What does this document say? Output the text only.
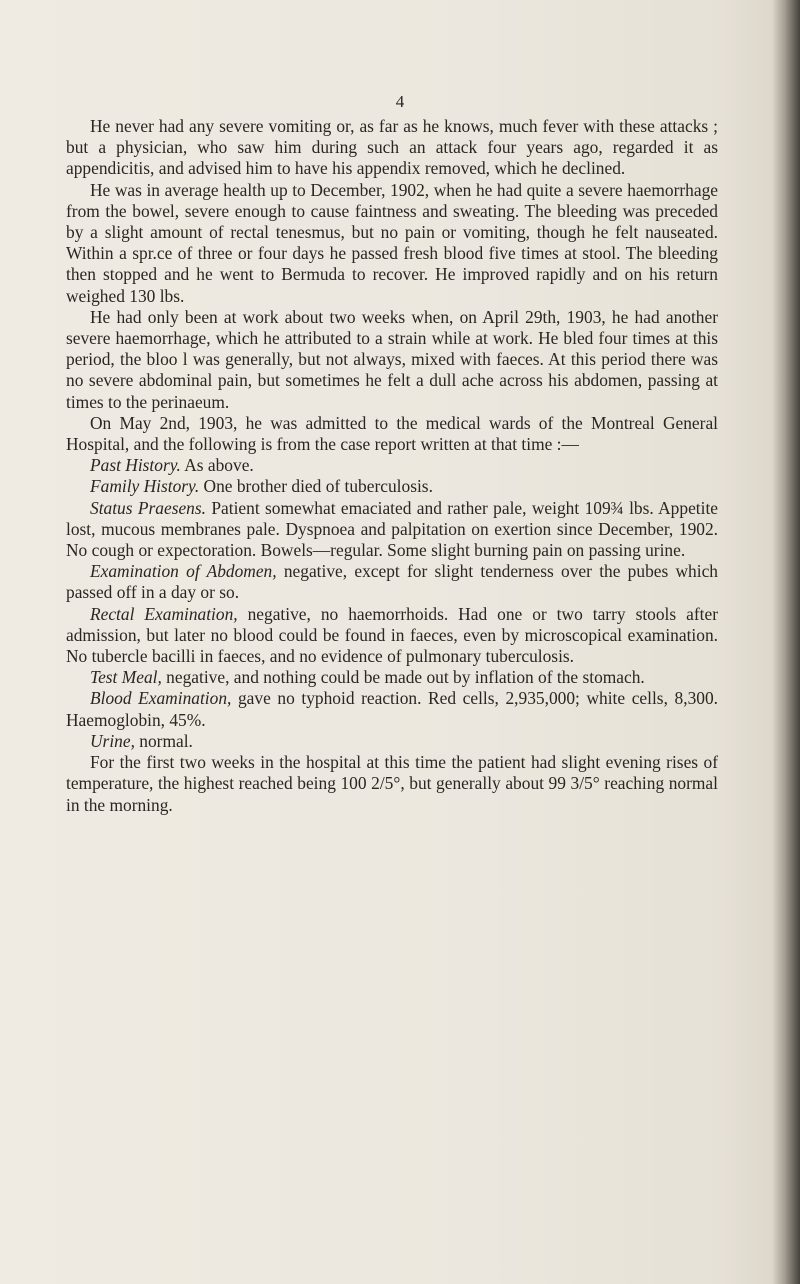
4

He never had any severe vomiting or, as far as he knows, much fever with these attacks ; but a physician, who saw him during such an attack four years ago, regarded it as appendicitis, and advised him to have his appendix removed, which he declined.

He was in average health up to December, 1902, when he had quite a severe haemorrhage from the bowel, severe enough to cause faintness and sweating. The bleeding was preceded by a slight amount of rectal tenesmus, but no pain or vomiting, though he felt nauseated. Within a spr.ce of three or four days he passed fresh blood five times at stool. The bleeding then stopped and he went to Bermuda to recover. He improved rapidly and on his return weighed 130 lbs.

He had only been at work about two weeks when, on April 29th, 1903, he had another severe haemorrhage, which he attributed to a strain while at work. He bled four times at this period, the bloo l was generally, but not always, mixed with faeces. At this period there was no severe abdominal pain, but sometimes he felt a dull ache across his abdomen, passing at times to the perinaeum.

On May 2nd, 1903, he was admitted to the medical wards of the Montreal General Hospital, and the following is from the case report written at that time :—

Past History. As above.

Family History. One brother died of tuberculosis.

Status Praesens. Patient somewhat emaciated and rather pale, weight 109¾ lbs. Appetite lost, mucous membranes pale. Dyspnoea and palpitation on exertion since December, 1902. No cough or expectoration. Bowels—regular. Some slight burning pain on passing urine.

Examination of Abdomen, negative, except for slight tenderness over the pubes which passed off in a day or so.

Rectal Examination, negative, no haemorrhoids. Had one or two tarry stools after admission, but later no blood could be found in faeces, even by microscopical examination. No tubercle bacilli in faeces, and no evidence of pulmonary tuberculosis.

Test Meal, negative, and nothing could be made out by inflation of the stomach.

Blood Examination, gave no typhoid reaction. Red cells, 2,935,000; white cells, 8,300. Haemoglobin, 45%.

Urine, normal.

For the first two weeks in the hospital at this time the patient had slight evening rises of temperature, the highest reached being 100 2/5°, but generally about 99 3/5° reaching normal in the morning.
